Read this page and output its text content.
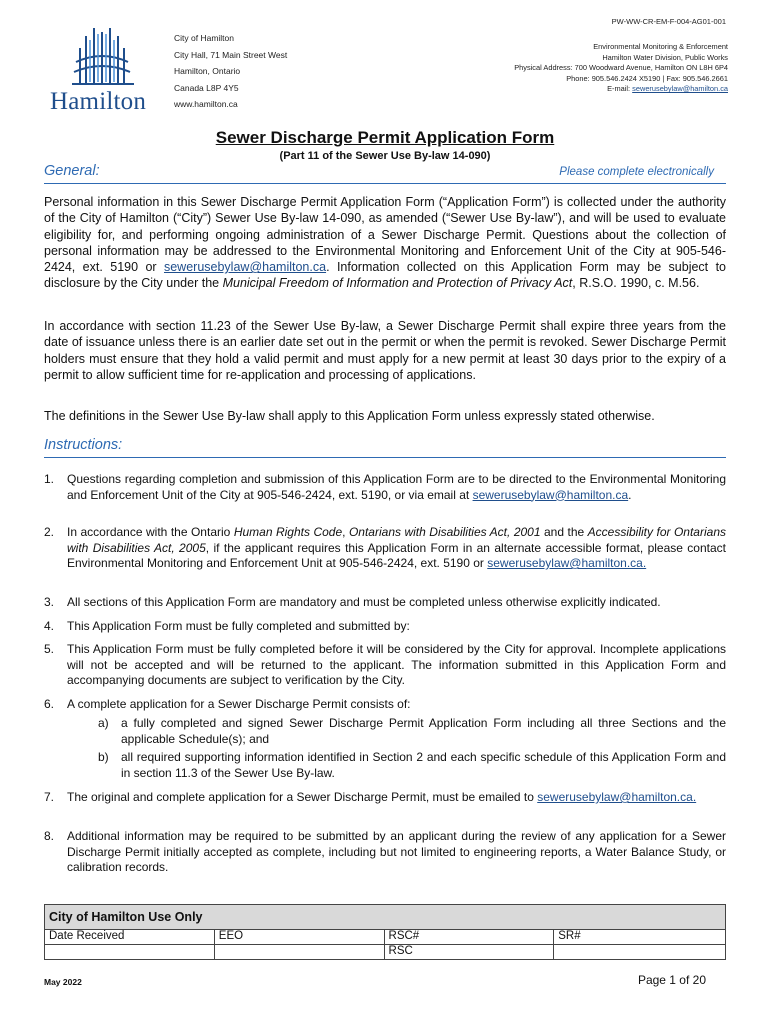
PW-WW-CR-EM-F-004-AG01-001
Hamilton
City of Hamilton
City Hall, 71 Main Street West
Hamilton, Ontario
Canada L8P 4Y5
www.hamilton.ca
Environmental Monitoring & Enforcement
Hamilton Water Division, Public Works
Physical Address: 700 Woodward Avenue, Hamilton ON L8H 6P4
Phone: 905.546.2424 X5190 | Fax: 905.546.2661
E-mail: sewerusebylaw@hamilton.ca
Sewer Discharge Permit Application Form
(Part 11 of the Sewer Use By-law 14-090)
General:	Please complete electronically
Personal information in this Sewer Discharge Permit Application Form (“Application Form”) is collected under the authority of the City of Hamilton (“City”) Sewer Use By-law 14-090, as amended (“Sewer Use By-law”), and will be used to evaluate eligibility for, and performing ongoing administration of a Sewer Discharge Permit. Questions about the collection of personal information may be addressed to the Environmental Monitoring and Enforcement Unit of the City at 905-546-2424, ext. 5190 or sewerusebylaw@hamilton.ca. Information collected on this Application Form may be subject to disclosure by the City under the Municipal Freedom of Information and Protection of Privacy Act, R.S.O. 1990, c. M.56.
In accordance with section 11.23 of the Sewer Use By-law, a Sewer Discharge Permit shall expire three years from the date of issuance unless there is an earlier date set out in the permit or when the permit is revoked. Sewer Discharge Permit holders must ensure that they hold a valid permit and must apply for a new permit at least 30 days prior to the expiry of a permit to allow sufficient time for re-application and processing of applications.
The definitions in the Sewer Use By-law shall apply to this Application Form unless expressly stated otherwise.
Instructions:
1. Questions regarding completion and submission of this Application Form are to be directed to the Environmental Monitoring and Enforcement Unit of the City at 905-546-2424, ext. 5190, or via email at sewerusebylaw@hamilton.ca.
2. In accordance with the Ontario Human Rights Code, Ontarians with Disabilities Act, 2001 and the Accessibility for Ontarians with Disabilities Act, 2005, if the applicant requires this Application Form in an alternate accessible format, please contact Environmental Monitoring and Enforcement Unit at 905-546-2424, ext. 5190 or sewerusebylaw@hamilton.ca.
3. All sections of this Application Form are mandatory and must be completed unless otherwise explicitly indicated.
4. This Application Form must be fully completed and submitted by:
5. This Application Form must be fully completed before it will be considered by the City for approval. Incomplete applications will not be accepted and will be returned to the applicant. The information submitted in this Application Form and accompanying documents are subject to verification by the City.
6. A complete application for a Sewer Discharge Permit consists of:
a) a fully completed and signed Sewer Discharge Permit Application Form including all three Sections and the applicable Schedule(s); and
b) all required supporting information identified in Section 2 and each specific schedule of this Application Form and in section 11.3 of the Sewer Use By-law.
7. The original and complete application for a Sewer Discharge Permit, must be emailed to sewerusebylaw@hamilton.ca.
8. Additional information may be required to be submitted by an applicant during the review of any application for a Sewer Discharge Permit initially accepted as complete, including but not limited to engineering reports, a Water Balance Study, or calibration records.
City of Hamilton Use Only			
Date Received	EEO	RSC#	SR#
		RSC	
May 2022	Page 1 of 20
